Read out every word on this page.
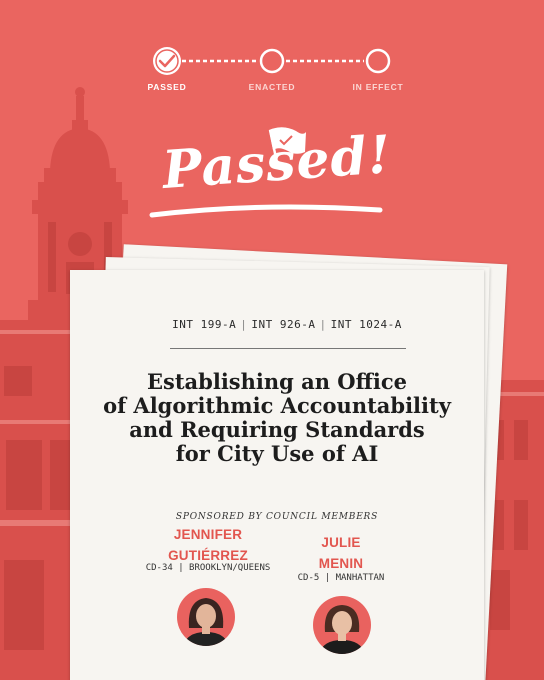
PASSED	ENACTED	IN EFFECT
Passed!
INT 199-A | INT 926-A | INT 1024-A
Establishing an Office
of Algorithmic Accountability
and Requiring Standards
for City Use of AI
SPONSORED BY COUNCIL MEMBERS
JENNIFER
GUTIÉRREZ
CD-34 | BROOKLYN/QUEENS
JULIE
MENIN
CD-5 | MANHATTAN
